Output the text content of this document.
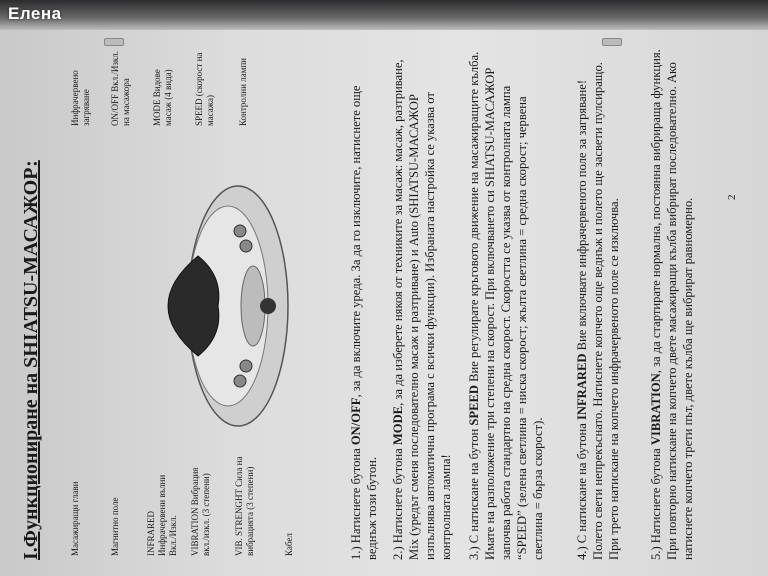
Елена
І.Функциониране на SHIATSU-МАСАЖОР:
Масажиращи глави	Магнитно поле	INFRARED Инфрачервени вълни Вкл./Изкл. VIBRATION Вибрация вкл./изкл. (3 степени)	VIB. STRENGHT Сила на вибрацията (3 степени)	Кабел
Инфрачервено загряване ON/OFF Вкл./Изкл. на масажора MODE Видове масаж (4 вида) SPEED (скорост на масажа)	Контролни лампи
1.) Натиснете бутона ON/OFF, за да включите уреда. За да го изключите, натиснете още веднъж този бутон. 2.) Натиснете бутона MODE, за да изберете някоя от техниките за масаж: масаж, разтриване, Mix (уредът сменя последователно масаж и разтриване) и Auto (SHIATSU-МАСАЖОР изпълнява автоматична програма с всички функции). Избраната настройка се указва от контролната лампа! 3.) С натискане на бутон SPEED Вие регулирате кръговото движение на масажиращите кълба. Имате на разположение три степени на скорост. При включването си SHIATSU-МАСАЖОР започва работа стандартно на средна скорост. Скоростта се указва от контролната лампа “SPEED” (зелена светлина = ниска скорост; жълта светлина = средна скорост; червена светлина = бърза скорост). 4.) С натискане на бутона INFRARED Вие включвате инфрачервеното поле за загряване! Полето свети непрекъснато. Натиснете копчето още веднъж и полето ще засвети пулсиращо. При трето натискане на копчето инфрачервеното поле се изключва. 5.) Натиснете бутона VIBRATION, за да стартирате нормална, постоянна вибрираща функция. При повторно натискане на копчето двете масажиращи кълба вибрират последователно. Ако натиснете копчето трети път, двете кълба ще вибрират равномерно.
2
